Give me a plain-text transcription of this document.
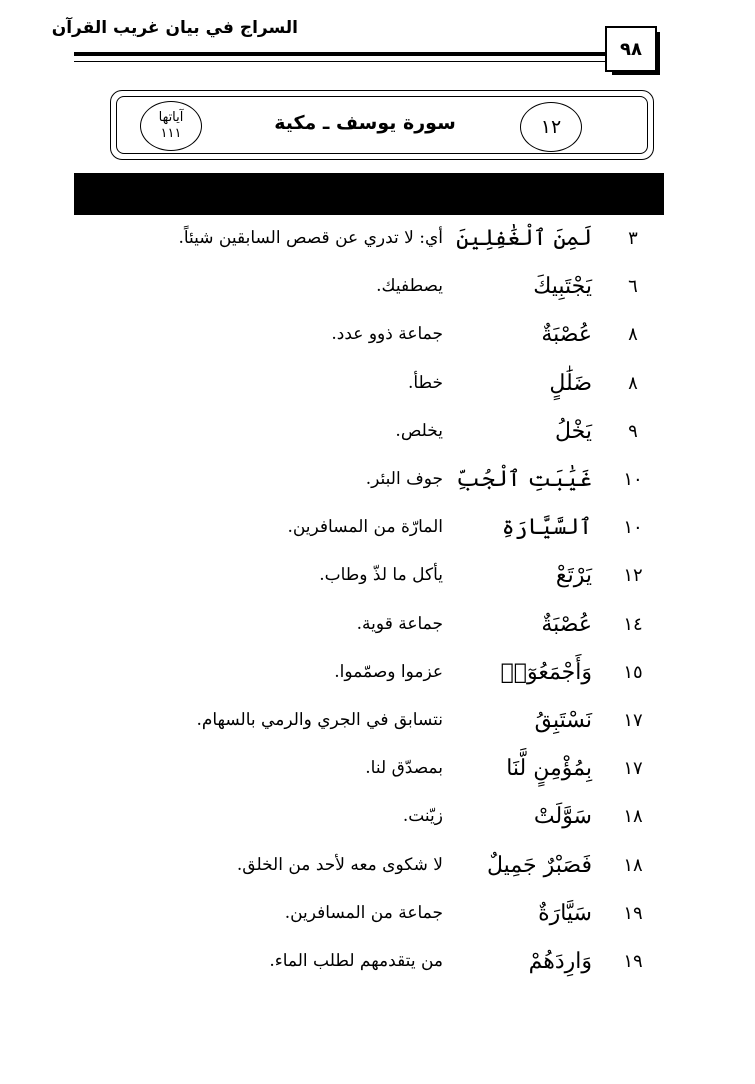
السراج في بيان غريب القرآن
٩٨
آياتها
١١١	سورة يوسف ـ مكية	١٢
٣
لَمِنَ ٱلْغَٰفِلِينَ
أي: لا تدري عن قصص السابقين شيئاً.
٦
يَجْتَبِيكَ
يصطفيك.
٨
عُصْبَةٌ
جماعة ذوو عدد.
٨
ضَلَٰلٍ
خطأ.
٩
يَخْلُ
يخلص.
١٠
غَيَٰبَتِ ٱلْجُبِّ
جوف البئر.
١٠
ٱلسَّيَّارَةِ
المارّة من المسافرين.
١٢
يَرْتَعْ
يأكل ما لذّ وطاب.
١٤
عُصْبَةٌ
جماعة قوية.
١٥
وَأَجْمَعُوٓا۟
عزموا وصمّموا.
١٧
نَسْتَبِقُ
نتسابق في الجري والرمي بالسهام.
١٧
بِمُؤْمِنٍ لَّنَا
بمصدّق لنا.
١٨
سَوَّلَتْ
زيّنت.
١٨
فَصَبْرٌ جَمِيلٌ
لا شكوى معه لأحد من الخلق.
١٩
سَيَّارَةٌ
جماعة من المسافرين.
١٩
وَارِدَهُمْ
من يتقدمهم لطلب الماء.
